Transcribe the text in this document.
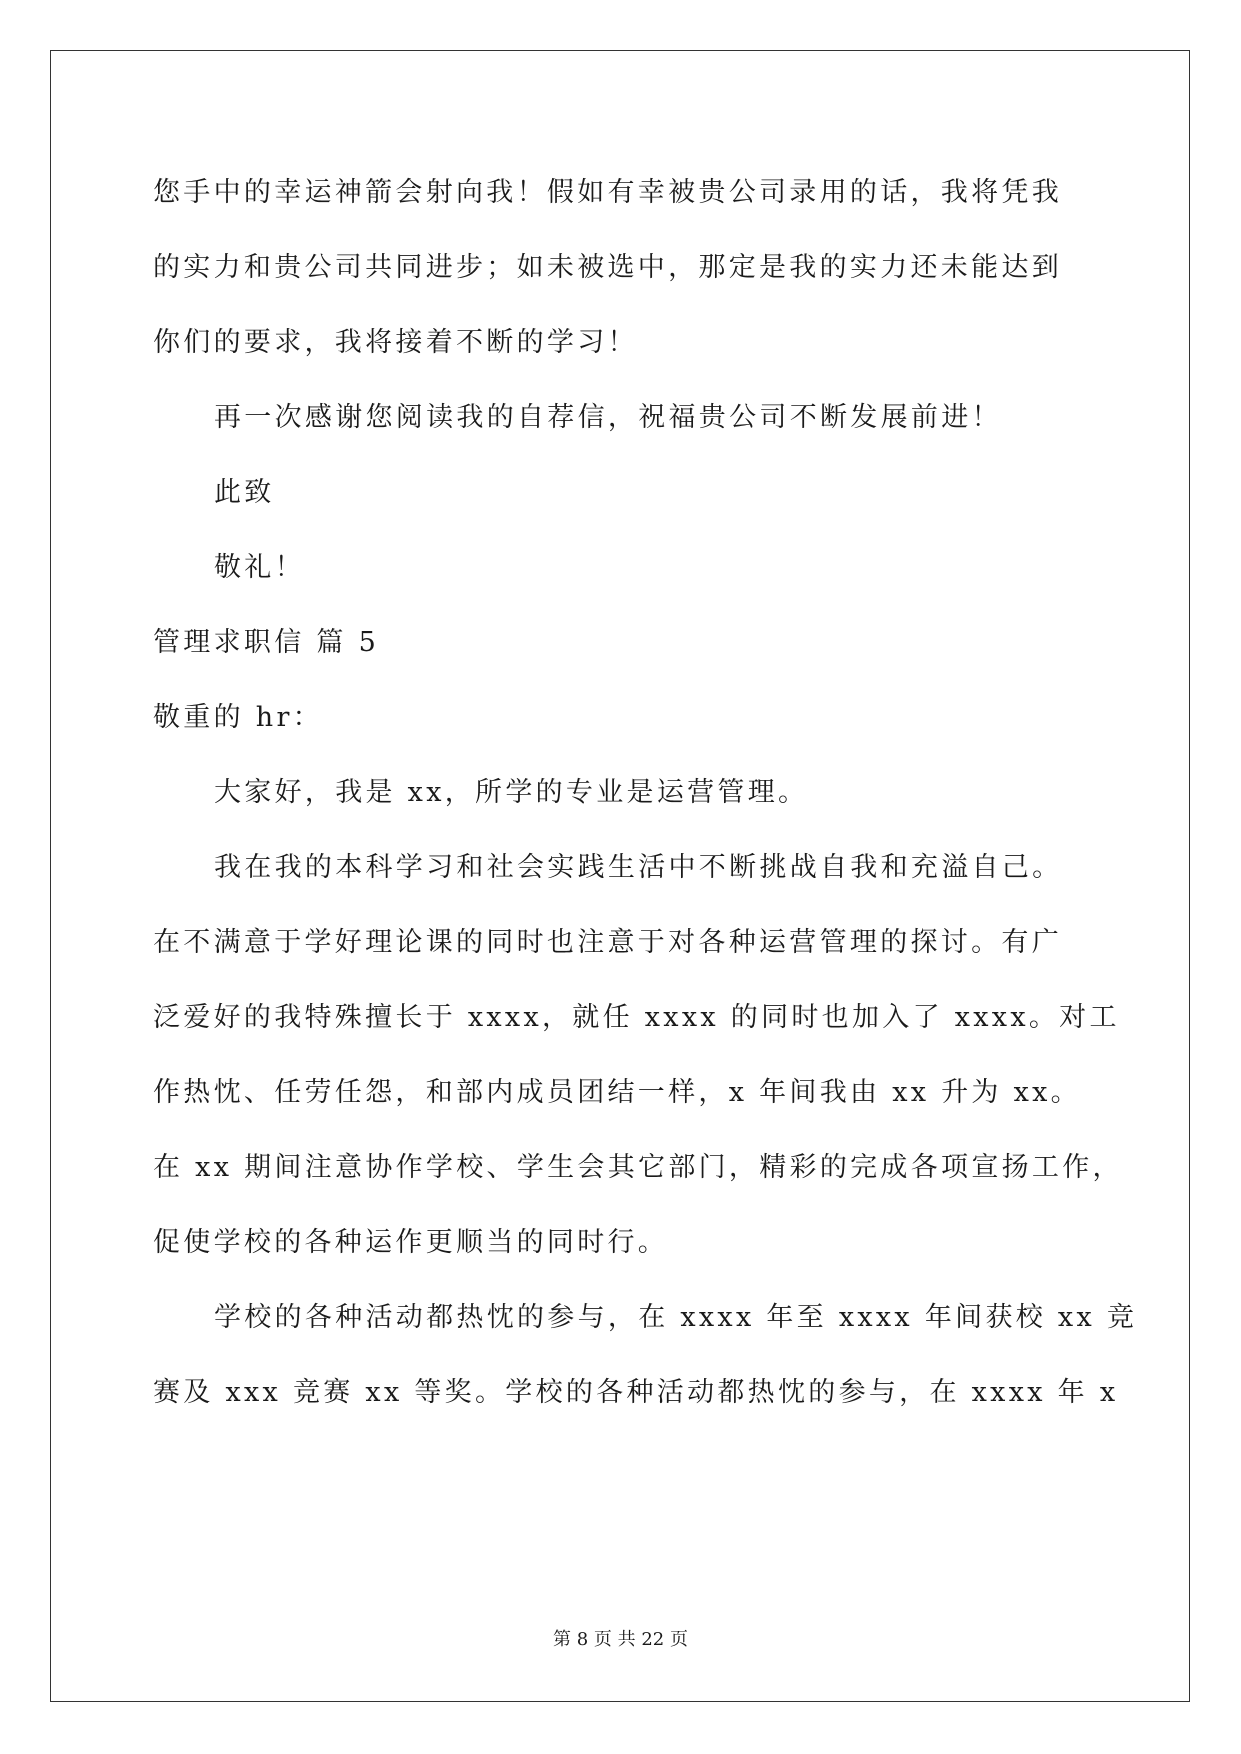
您手中的幸运神箭会射向我！假如有幸被贵公司录用的话，我将凭我
的实力和贵公司共同进步；如未被选中，那定是我的实力还未能达到
你们的要求，我将接着不断的学习！
再一次感谢您阅读我的自荐信，祝福贵公司不断发展前进！
此致
敬礼！
管理求职信 篇 5
敬重的 hr：
大家好，我是 xx，所学的专业是运营管理。
我在我的本科学习和社会实践生活中不断挑战自我和充溢自己。
在不满意于学好理论课的同时也注意于对各种运营管理的探讨。有广
泛爱好的我特殊擅长于 xxxx，就任 xxxx 的同时也加入了 xxxx。对工
作热忱、任劳任怨，和部内成员团结一样，x 年间我由 xx 升为 xx。
在 xx 期间注意协作学校、学生会其它部门，精彩的完成各项宣扬工作，
促使学校的各种运作更顺当的同时行。
学校的各种活动都热忱的参与，在 xxxx 年至 xxxx 年间获校 xx 竞
赛及 xxx 竞赛 xx 等奖。学校的各种活动都热忱的参与，在 xxxx 年 x
第 8 页 共 22 页
